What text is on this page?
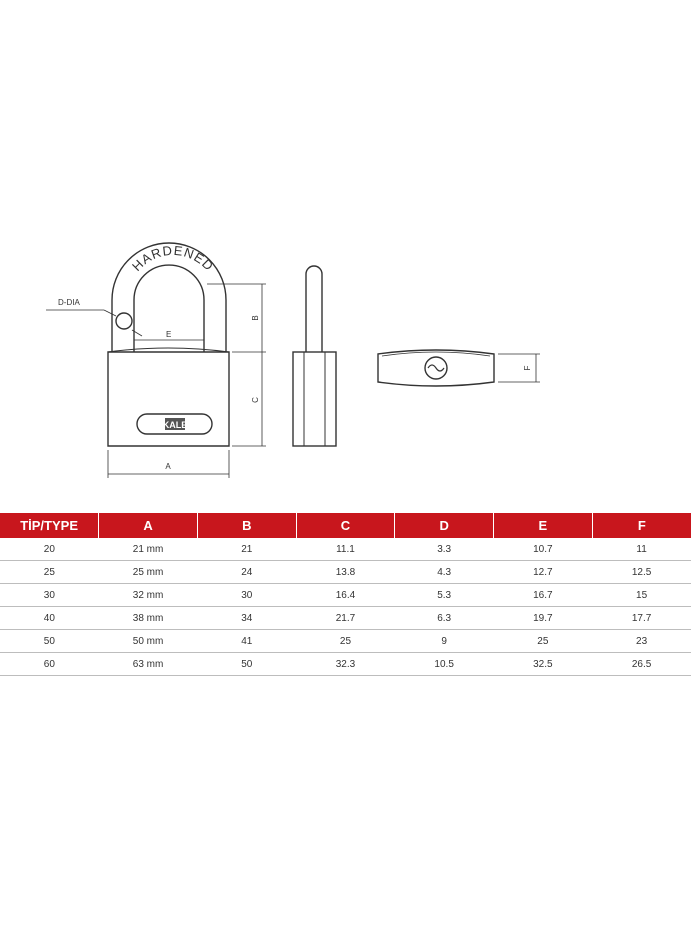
HARDENED
KALE
D-DIA
E
B
C
A
F
TİP/TYPE	A	B	C	D	E	F
20	21 mm	21	11.1	3.3	10.7	11
25	25 mm	24	13.8	4.3	12.7	12.5
30	32 mm	30	16.4	5.3	16.7	15
40	38 mm	34	21.7	6.3	19.7	17.7
50	50 mm	41	25	9	25	23
60	63 mm	50	32.3	10.5	32.5	26.5
